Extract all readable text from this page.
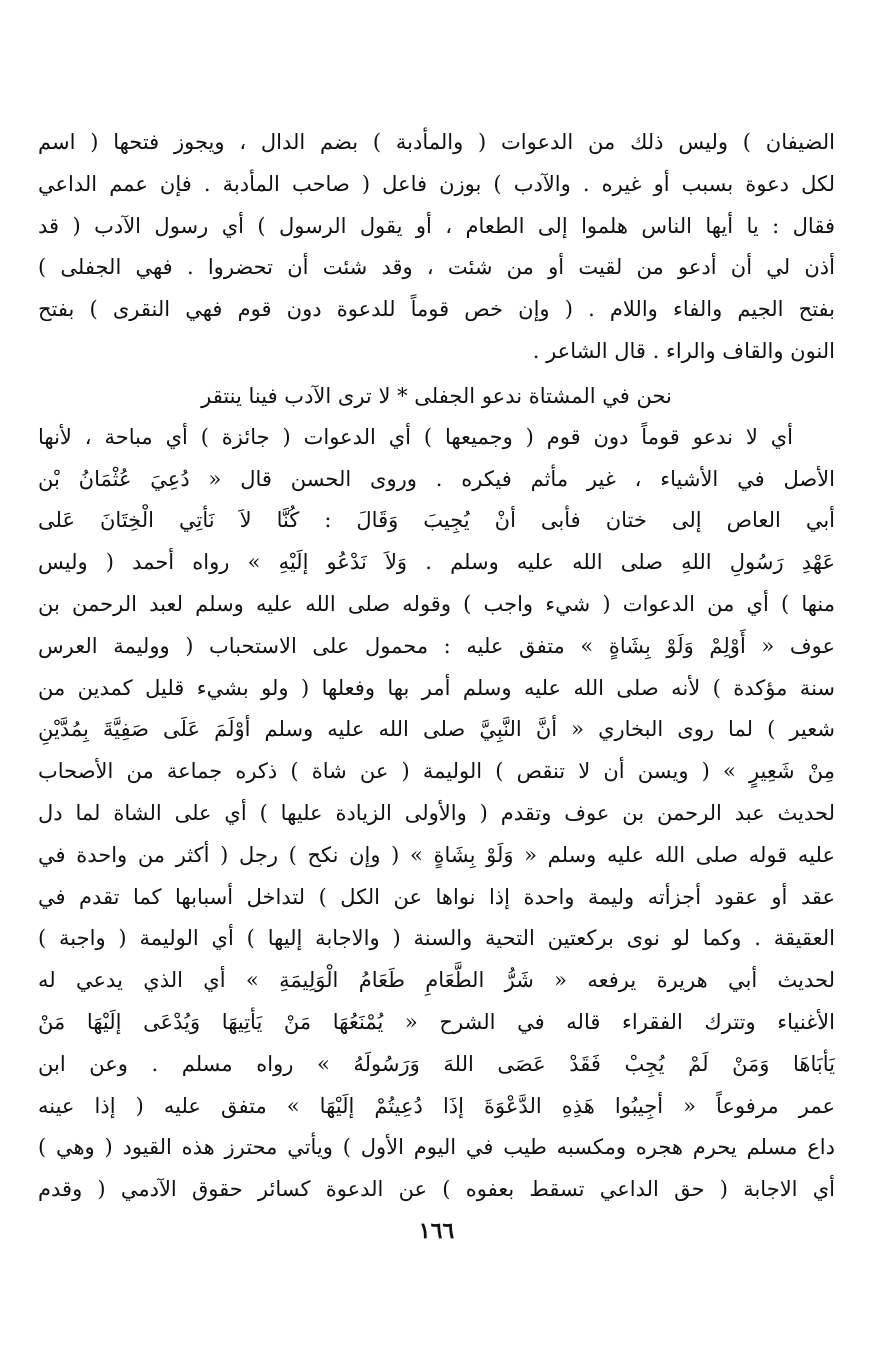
الضيفان ) وليس ذلك من الدعوات ( والمأدبة ) بضم الدال ، ويجوز فتحها ( اسم
لكل دعوة بسبب أو غيره . والآدب ) بوزن فاعل ( صاحب المأدبة . فإن عمم الداعي
فقال : يا أيها الناس هلموا إلى الطعام ، أو يقول الرسول ) أي رسول الآدب ( قد
أذن لي أن أدعو من لقيت أو من شئت ، وقد شئت أن تحضروا . فهي الجفلى )
بفتح الجيم والفاء واللام . ( وإن خص قوماً للدعوة دون قوم فهي النقرى ) بفتح
النون والقاف والراء . قال الشاعر .
نحن في المشتاة ندعو الجفلى * لا ترى الآدب فينا ينتقر
أي لا ندعو قوماً دون قوم ( وجميعها ) أي الدعوات ( جائزة ) أي مباحة ، لأنها
الأصل في الأشياء ، غير مأثم فيكره . وروى الحسن قال « دُعِيَ عُثْمَانُ بْن
أبي العاص إلى ختان فأبى أنْ يُجِيبَ وَقَالَ : كُنَّا لاَ نَأتِي الْخِتَانَ عَلى
عَهْدِ رَسُولِ اللهِ صلى الله عليه وسلم . وَلاَ نَدْعُو إلَيْهِ » رواه أحمد ( وليس
منها ) أي من الدعوات ( شيء واجب ) وقوله صلى الله عليه وسلم لعبد الرحمن بن
عوف « أَوْلِمْ وَلَوْ بِشَاةٍ » متفق عليه : محمول على الاستحباب ( ووليمة العرس
سنة مؤكدة ) لأنه صلى الله عليه وسلم أمر بها وفعلها ( ولو بشيء قليل كمدين من
شعير ) لما روى البخاري « أنَّ النَّبِيَّ صلى الله عليه وسلم أوْلَمَ عَلَى صَفِيَّةَ بِمُدَّيْنِ
مِنْ شَعِيرٍ » ( ويسن أن لا تنقص ) الوليمة ( عن شاة ) ذكره جماعة من الأصحاب
لحديث عبد الرحمن بن عوف وتقدم ( والأولى الزيادة عليها ) أي على الشاة لما دل
عليه قوله صلى الله عليه وسلم « وَلَوْ بِشَاةٍ » ( وإن نكح ) رجل ( أكثر من واحدة في
عقد أو عقود أجزأته وليمة واحدة إذا نواها عن الكل ) لتداخل أسبابها كما تقدم في
العقيقة . وكما لو نوى بركعتين التحية والسنة ( والاجابة إليها ) أي الوليمة ( واجبة )
لحديث أبي هريرة يرفعه « شَرُّ الطَّعَامِ طَعَامُ الْوَلِيمَةِ » أي الذي يدعي له
الأغنياء وتترك الفقراء قاله في الشرح « يُمْنَعُهَا مَنْ يَأتِيهَا وَيُدْعَى إلَيْهَا مَنْ
يَأبَاهَا وَمَنْ لَمْ يُجِبْ فَقَدْ عَصَى اللهَ وَرَسُولَهُ » رواه مسلم . وعن ابن
عمر مرفوعاً « أجِيبُوا هَذِهِ الدَّعْوَةَ إذَا دُعِيتُمْ إلَيْهَا » متفق عليه ( إذا عينه
داع مسلم يحرم هجره ومكسبه طيب في اليوم الأول ) ويأتي محترز هذه القيود ( وهي )
أي الاجابة ( حق الداعي تسقط بعفوه ) عن الدعوة كسائر حقوق الآدمي ( وقدم
١٦٦
